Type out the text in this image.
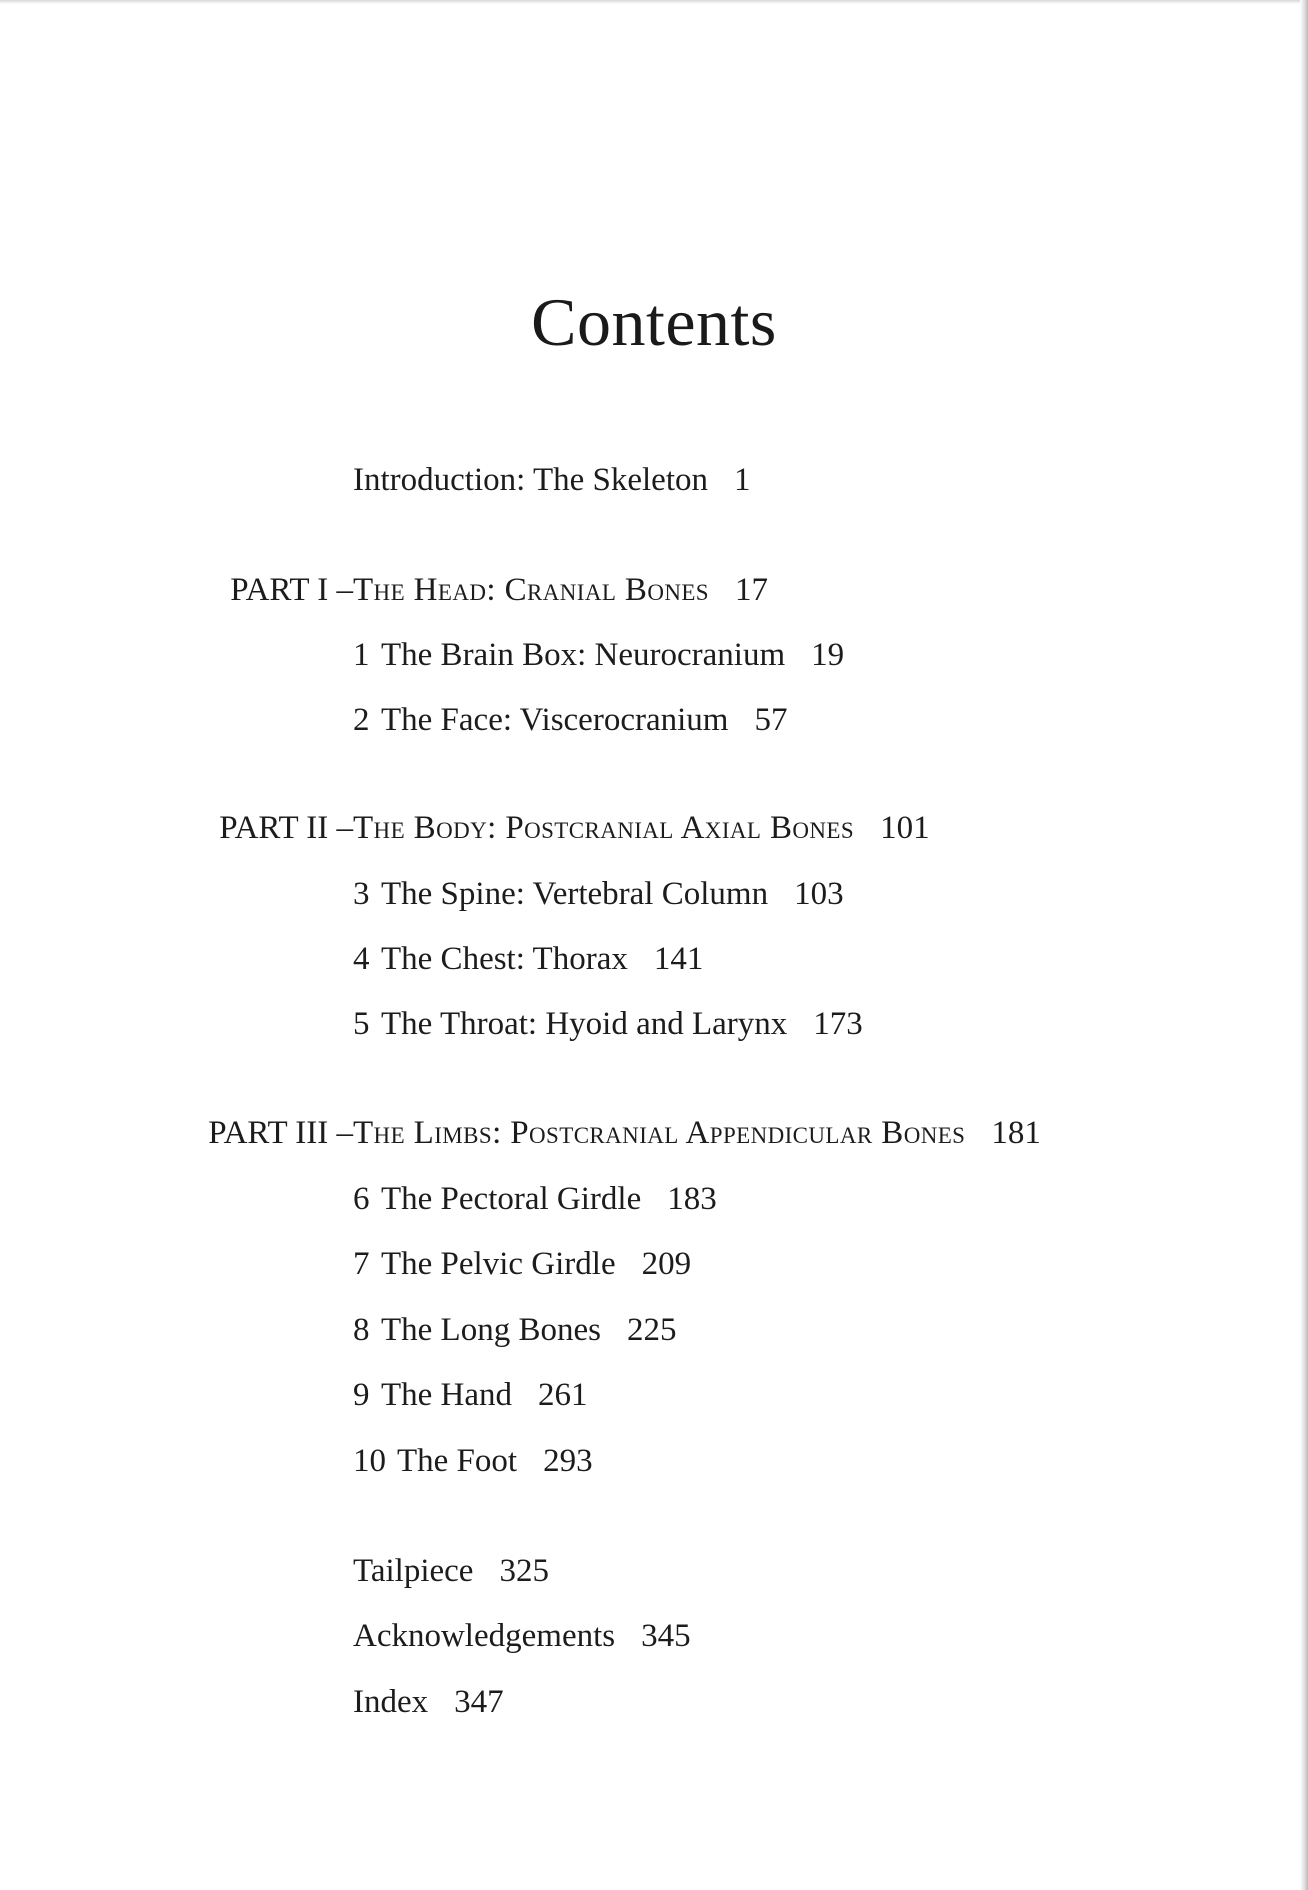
Contents
Introduction: The Skeleton 1
PART I – The Head: Cranial Bones 17
1 The Brain Box: Neurocranium 19
2 The Face: Viscerocranium 57
PART II – The Body: Postcranial Axial Bones 101
3 The Spine: Vertebral Column 103
4 The Chest: Thorax 141
5 The Throat: Hyoid and Larynx 173
PART III – The Limbs: Postcranial Appendicular Bones 181
6 The Pectoral Girdle 183
7 The Pelvic Girdle 209
8 The Long Bones 225
9 The Hand 261
10 The Foot 293
Tailpiece 325
Acknowledgements 345
Index 347
